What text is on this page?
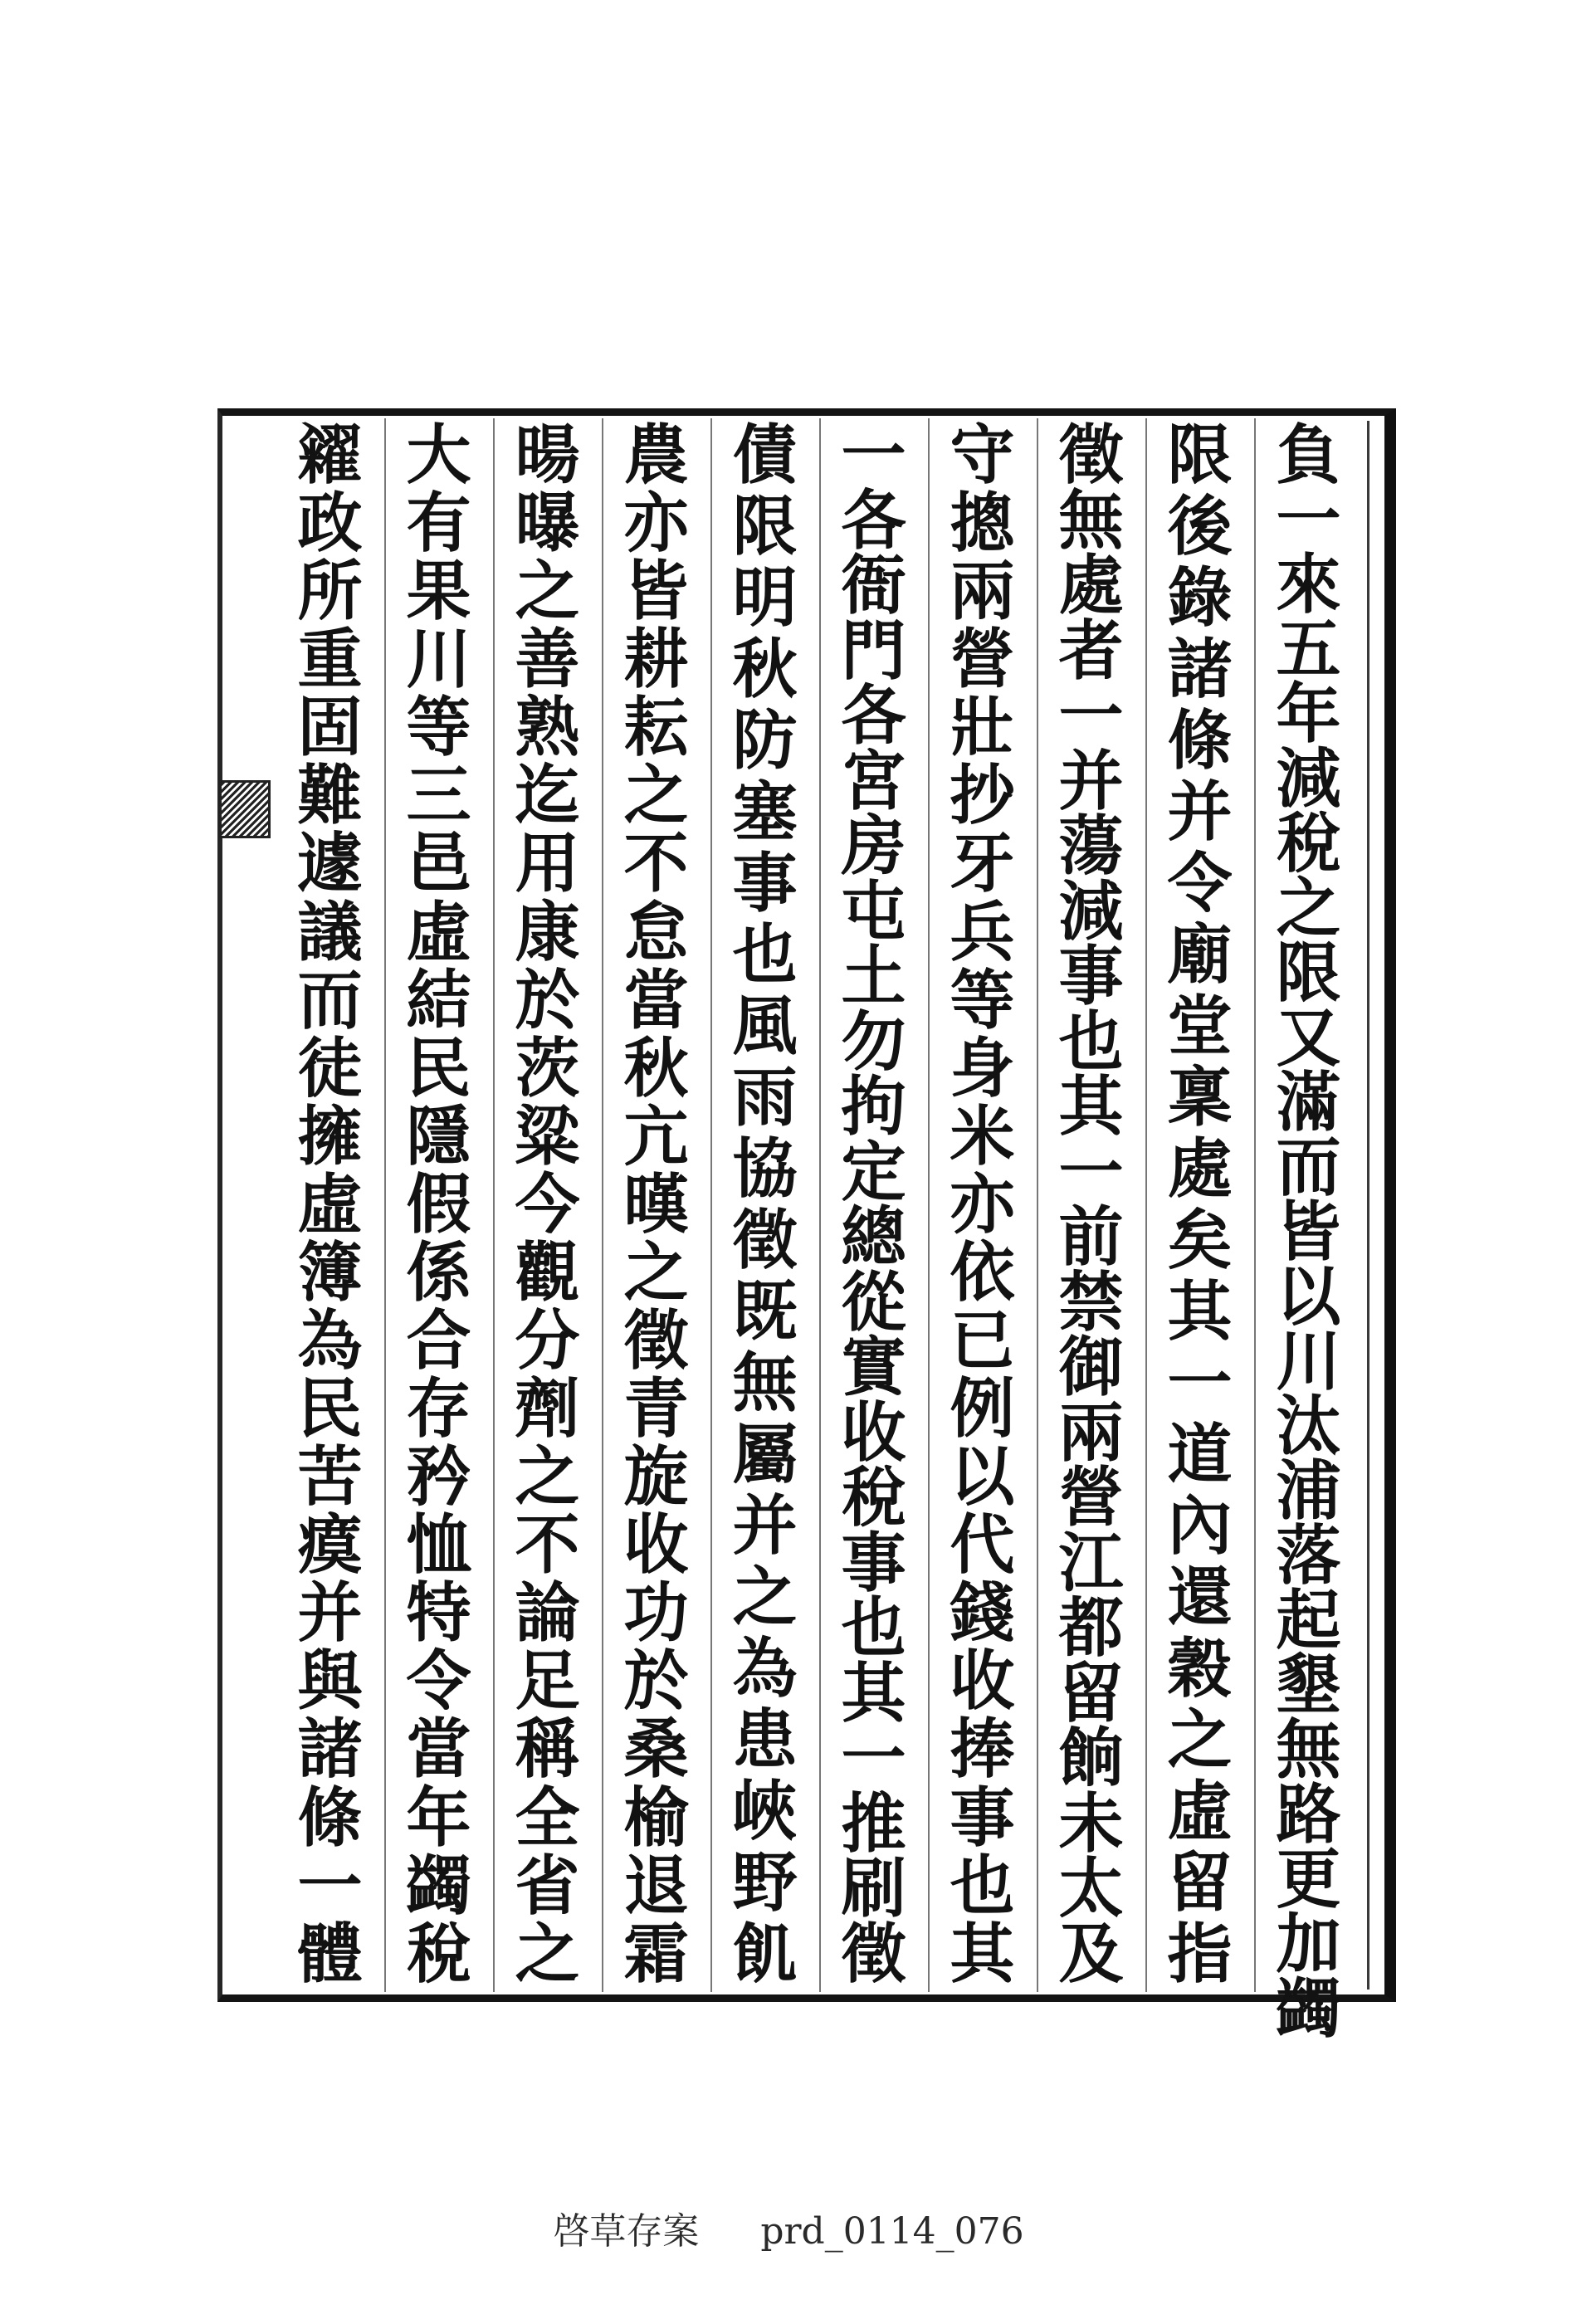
負
一
來
五
年
減
稅
之
限
又
滿
而
皆
以
川
汰
浦
落
起
墾
無
路
更
加
蠲
限
後
錄
諸
條
并
令
廟
堂
稟
處
矣
其
一
道
內
還
穀
之
虛
留
指
徵
無
處
者
一
并
蕩
減
事
也
其
一
前
禁
御
兩
營
江
都
留
餉
未
太
及
守
摠
兩
營
壯
抄
牙
兵
等
身
米
亦
依
已
例
以
代
錢
收
捧
事
也
其
一
各
衙
門
各
宮
房
屯
土
勿
拘
定
總
從
實
收
稅
事
也
其
一
推
刷
徵
債
限
明
秋
防
塞
事
也
風
雨
協
徵
既
無
屬
并
之
為
患
峽
野
飢
農
亦
皆
耕
耘
之
不
怠
當
秋
亢
暵
之
徵
青
旋
收
功
於
桑
榆
退
霜
暘
曝
之
善
熟
迄
用
康
於
茨
粱
今
觀
分
劑
之
不
論
足
稱
全
省
之
大
有
果
川
等
三
邑
虛
結
民
隱
假
係
合
存
矜
恤
特
令
當
年
蠲
稅
糴
政
所
重
固
難
遽
議
而
徒
擁
虛
簿
為
民
苦
瘼
并
與
諸
條
一
體
啓草存案 prd_0114_076
